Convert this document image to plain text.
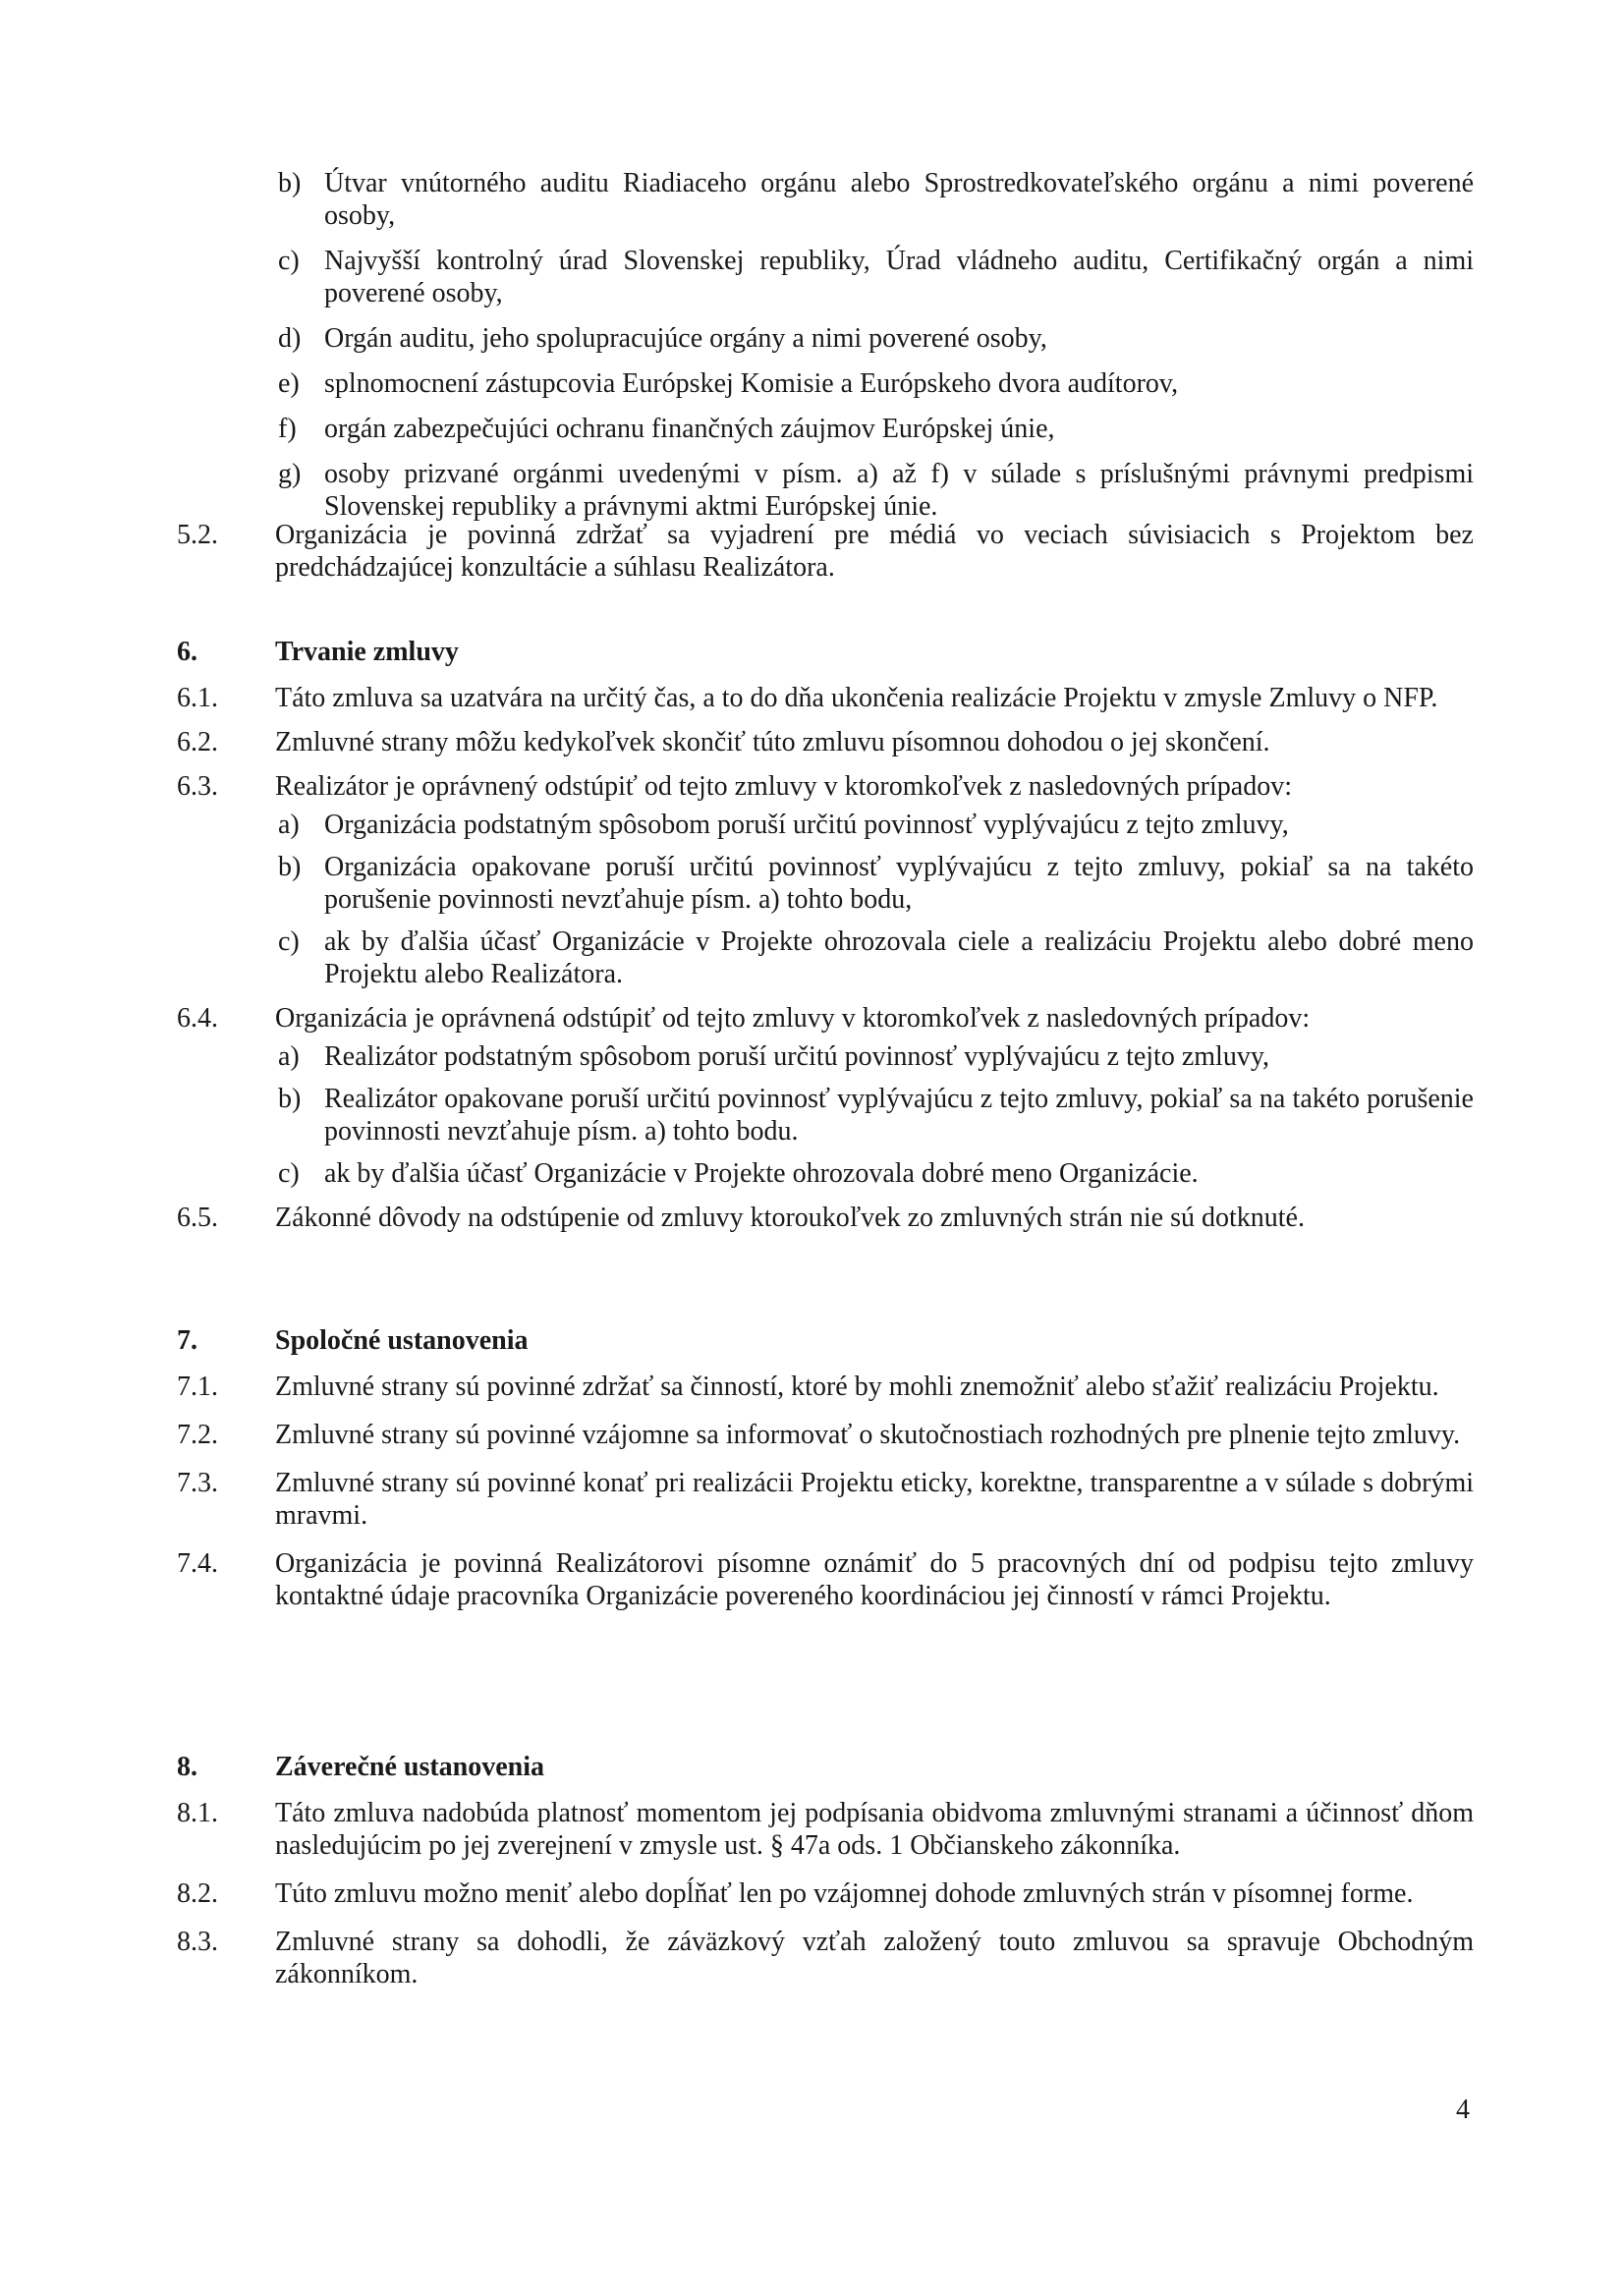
b) Útvar vnútorného auditu Riadiaceho orgánu alebo Sprostredkovateľského orgánu a nimi poverené osoby,
c) Najvyšší kontrolný úrad Slovenskej republiky, Úrad vládneho auditu, Certifikačný orgán a nimi poverené osoby,
d) Orgán auditu, jeho spolupracujúce orgány a nimi poverené osoby,
e) splnomocnení zástupcovia Európskej Komisie a Európskeho dvora audítorov,
f) orgán zabezpečujúci ochranu finančných záujmov Európskej únie,
g) osoby prizvané orgánmi uvedenými v písm. a) až f) v súlade s príslušnými právnymi predpismi Slovenskej republiky a právnymi aktmi Európskej únie.
5.2. Organizácia je povinná zdržať sa vyjadrení pre médiá vo veciach súvisiacich s Projektom bez predchádzajúcej konzultácie a súhlasu Realizátora.
6.	Trvanie zmluvy
6.1. Táto zmluva sa uzatvára na určitý čas, a to do dňa ukončenia realizácie Projektu v zmysle Zmluvy o NFP.
6.2. Zmluvné strany môžu kedykoľvek skončiť túto zmluvu písomnou dohodou o jej skončení.
6.3. Realizátor je oprávnený odstúpiť od tejto zmluvy v ktoromkoľvek z nasledovných prípadov:
a) Organizácia podstatným spôsobom poruší určitú povinnosť vyplývajúcu z tejto zmluvy,
b) Organizácia opakovane poruší určitú povinnosť vyplývajúcu z tejto zmluvy, pokiaľ sa na takéto porušenie povinnosti nevzťahuje písm. a) tohto bodu,
c) ak by ďalšia účasť Organizácie v Projekte ohrozovala ciele a realizáciu Projektu alebo dobré meno Projektu alebo Realizátora.
6.4. Organizácia je oprávnená odstúpiť od tejto zmluvy v ktoromkoľvek z nasledovných prípadov:
a) Realizátor podstatným spôsobom poruší určitú povinnosť vyplývajúcu z tejto zmluvy,
b) Realizátor opakovane poruší určitú povinnosť vyplývajúcu z tejto zmluvy, pokiaľ sa na takéto porušenie povinnosti nevzťahuje písm. a) tohto bodu.
c) ak by ďalšia účasť Organizácie v Projekte ohrozovala dobré meno Organizácie.
6.5. Zákonné dôvody na odstúpenie od zmluvy ktoroukoľvek zo zmluvných strán nie sú dotknuté.
7.	Spoločné ustanovenia
7.1. Zmluvné strany sú povinné zdržať sa činností, ktoré by mohli znemožniť alebo sťažiť realizáciu Projektu.
7.2. Zmluvné strany sú povinné vzájomne sa informovať o skutočnostiach rozhodných pre plnenie tejto zmluvy.
7.3. Zmluvné strany sú povinné konať pri realizácii Projektu eticky, korektne, transparentne a v súlade s dobrými mravmi.
7.4. Organizácia je povinná Realizátorovi písomne oznámiť do 5 pracovných dní od podpisu tejto zmluvy kontaktné údaje pracovníka Organizácie povereného koordináciou jej činností v rámci Projektu.
8.	Záverečné ustanovenia
8.1. Táto zmluva nadobúda platnosť momentom jej podpísania obidvoma zmluvnými stranami a účinnosť dňom nasledujúcim po jej zverejnení v zmysle ust. § 47a ods. 1 Občianskeho zákonníka.
8.2. Túto zmluvu možno meniť alebo dopĺňať len po vzájomnej dohode zmluvných strán v písomnej forme.
8.3. Zmluvné strany sa dohodli, že záväzkový vzťah založený touto zmluvou sa spravuje Obchodným zákonníkom.
4
